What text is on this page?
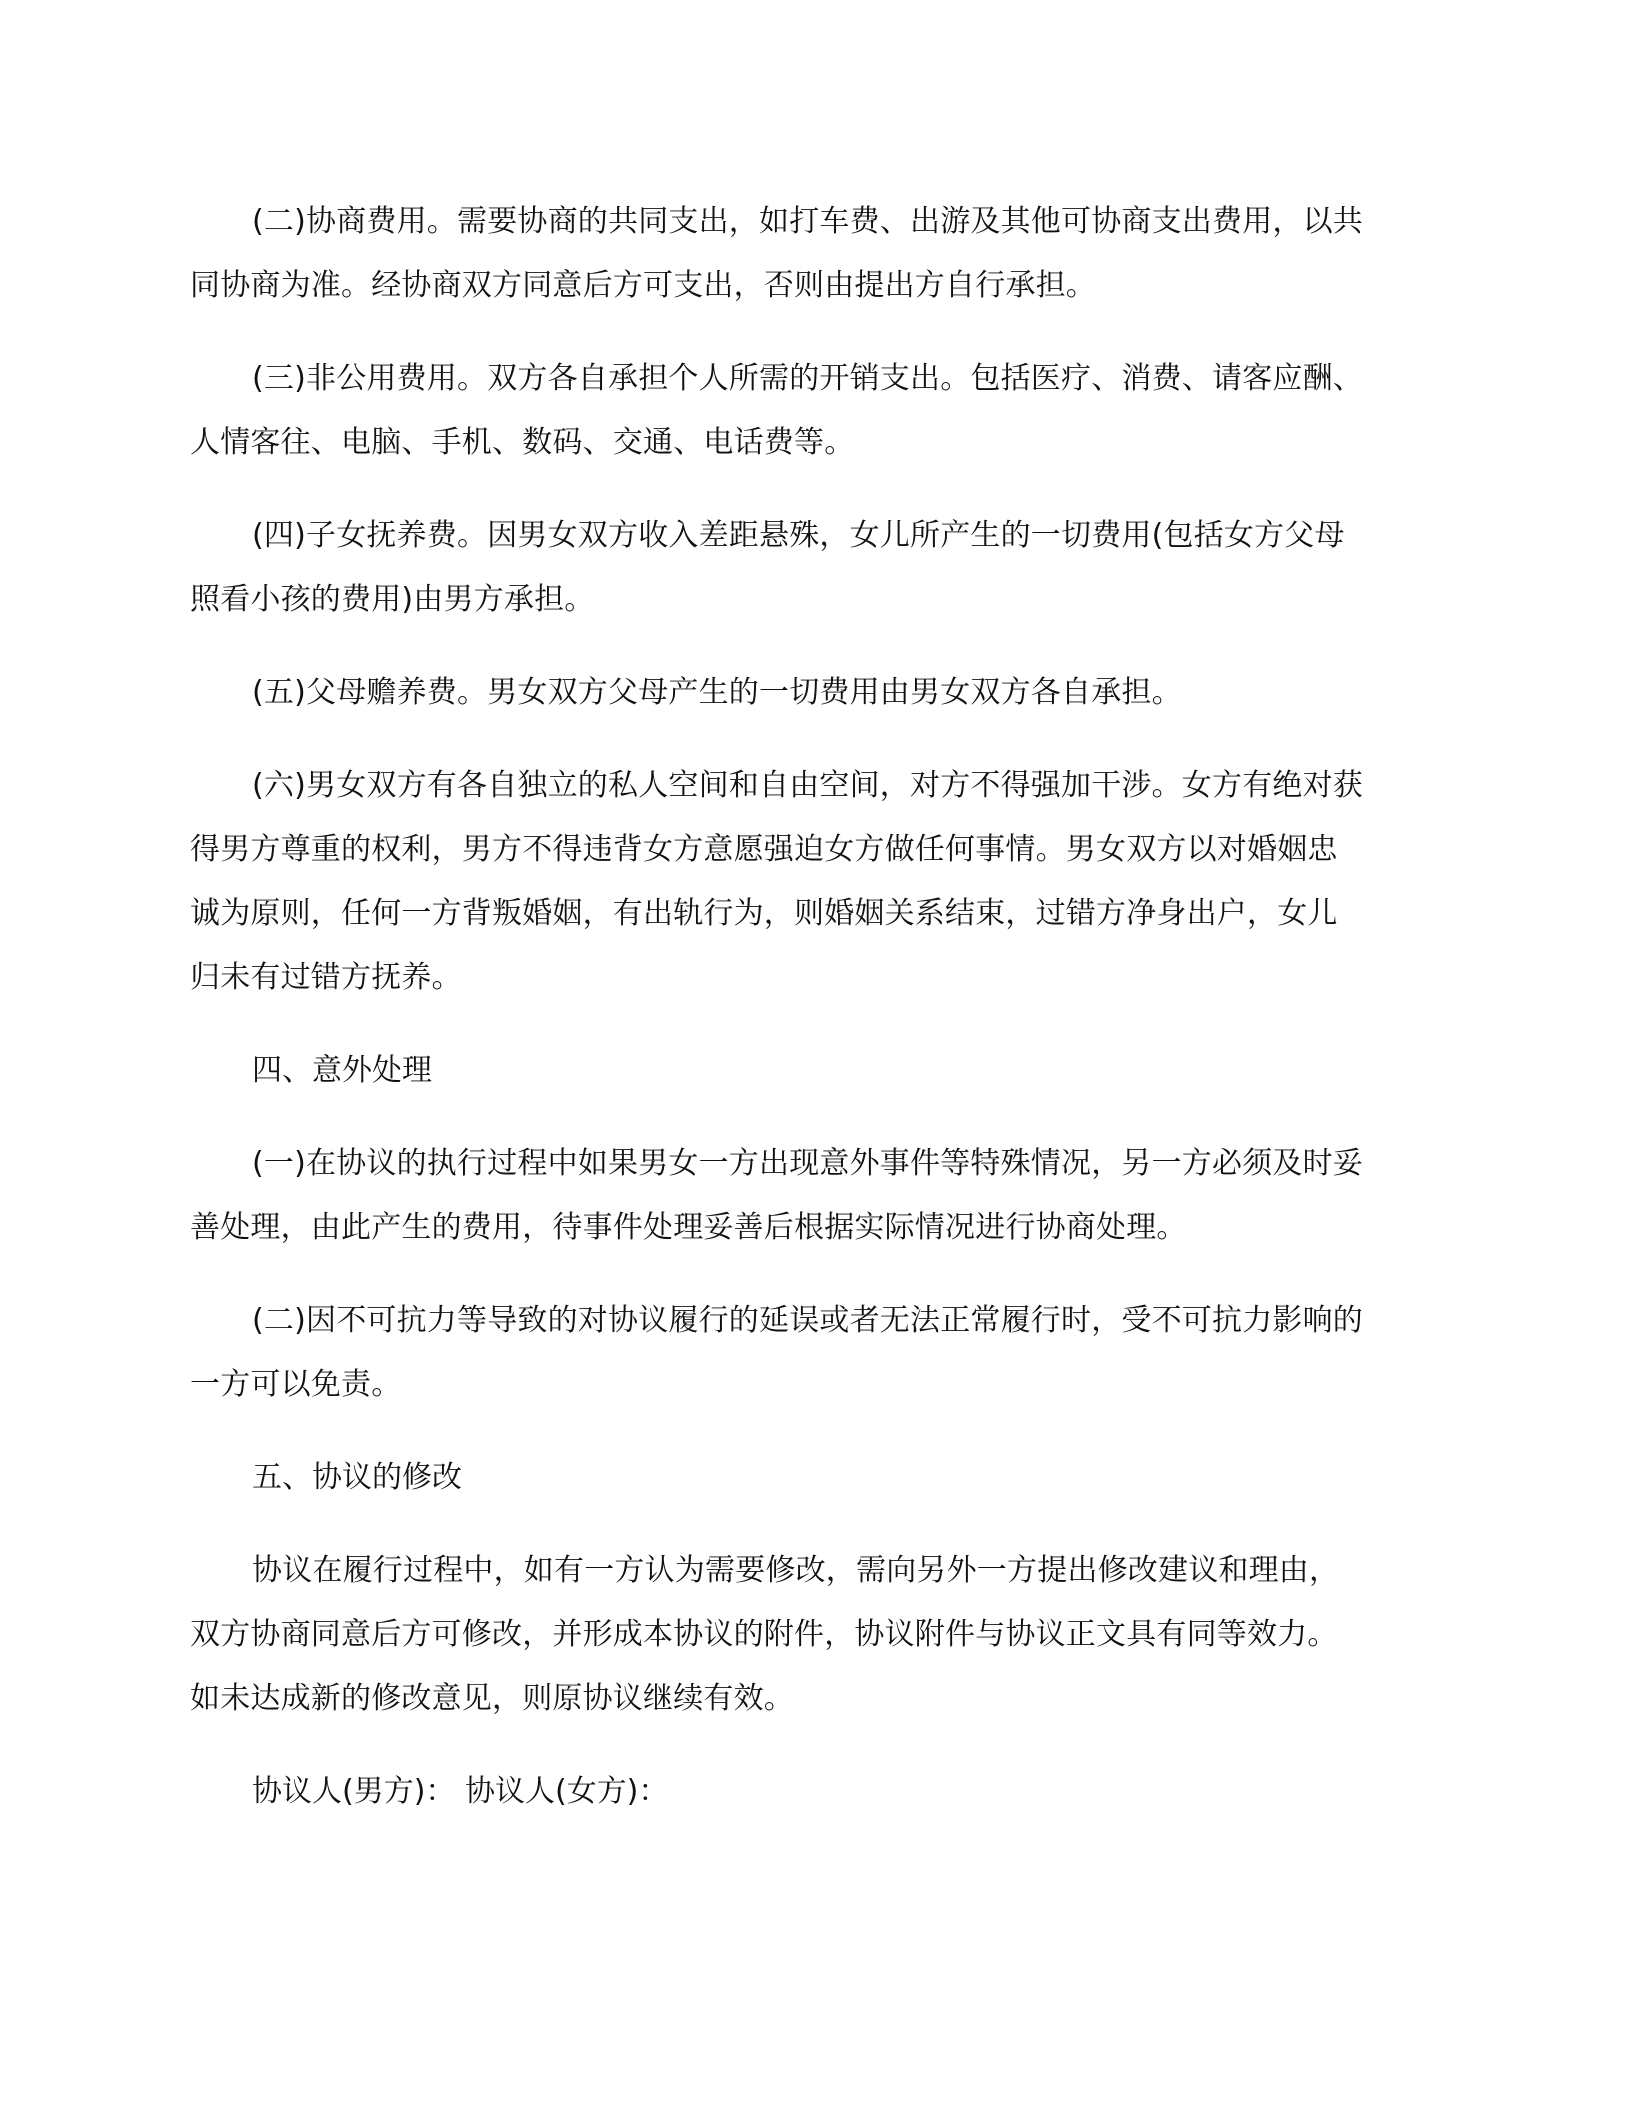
(二)协商费用。需要协商的共同支出，如打车费、出游及其他可协商支出费用，以共
同协商为准。经协商双方同意后方可支出，否则由提出方自行承担。

(三)非公用费用。双方各自承担个人所需的开销支出。包括医疗、消费、请客应酬、
人情客往、电脑、手机、数码、交通、电话费等。

(四)子女抚养费。因男女双方收入差距悬殊，女儿所产生的一切费用(包括女方父母
照看小孩的费用)由男方承担。

(五)父母赡养费。男女双方父母产生的一切费用由男女双方各自承担。

(六)男女双方有各自独立的私人空间和自由空间，对方不得强加干涉。女方有绝对获
得男方尊重的权利，男方不得违背女方意愿强迫女方做任何事情。男女双方以对婚姻忠
诚为原则，任何一方背叛婚姻，有出轨行为，则婚姻关系结束，过错方净身出户，女儿
归未有过错方抚养。

四、意外处理

(一)在协议的执行过程中如果男女一方出现意外事件等特殊情况，另一方必须及时妥
善处理，由此产生的费用，待事件处理妥善后根据实际情况进行协商处理。

(二)因不可抗力等导致的对协议履行的延误或者无法正常履行时，受不可抗力影响的
一方可以免责。

五、协议的修改

协议在履行过程中，如有一方认为需要修改，需向另外一方提出修改建议和理由，
双方协商同意后方可修改，并形成本协议的附件，协议附件与协议正文具有同等效力。
如未达成新的修改意见，则原协议继续有效。

协议人(男方)： 协议人(女方)：
